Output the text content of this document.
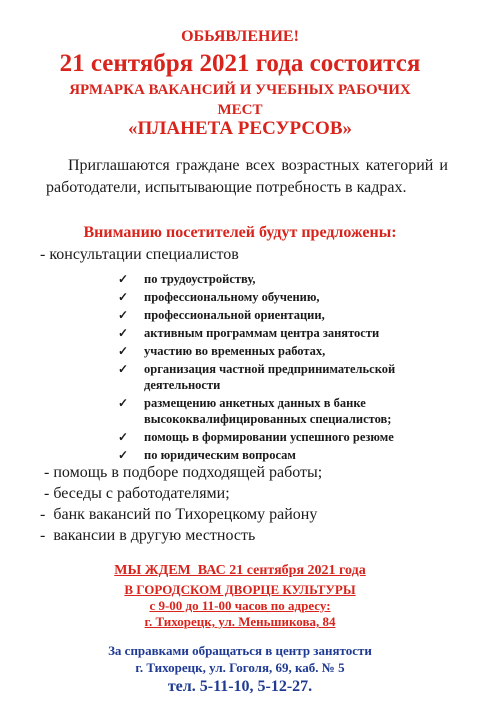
ОБЬЯВЛЕНИЕ!
21 сентября 2021 года состоится
ЯРМАРКА ВАКАНСИЙ И УЧЕБНЫХ РАБОЧИХ МЕСТ
«ПЛАНЕТА РЕСУРСОВ»
Приглашаются граждане всех возрастных категорий и работодатели, испытывающие потребность в кадрах.
Вниманию посетителей будут предложены:
- консультации специалистов
✓	по трудоустройству,
✓	профессиональному обучению,
✓	профессиональной ориентации,
✓	активным программам центра занятости
✓	участию во временных работах,
✓	организация частной предпринимательской деятельности
✓	размещению анкетных данных в банке высококвалифицированных специалистов;
✓	помощь в формировании успешного резюме
✓	по юридическим вопросам
- помощь в подборе подходящей работы;
- беседы с работодателями;
-  банк вакансий по Тихорецкому району
-  вакансии в другую местность
МЫ ЖДЕМ  ВАС 21 сентября 2021 года
В ГОРОДСКОМ ДВОРЦЕ КУЛЬТУРЫ
с 9-00 до 11-00 часов по адресу:
г. Тихорецк, ул. Меньшикова, 84
За справками обращаться в центр занятости
г. Тихорецк, ул. Гоголя, 69, каб. № 5
тел. 5-11-10, 5-12-27.
